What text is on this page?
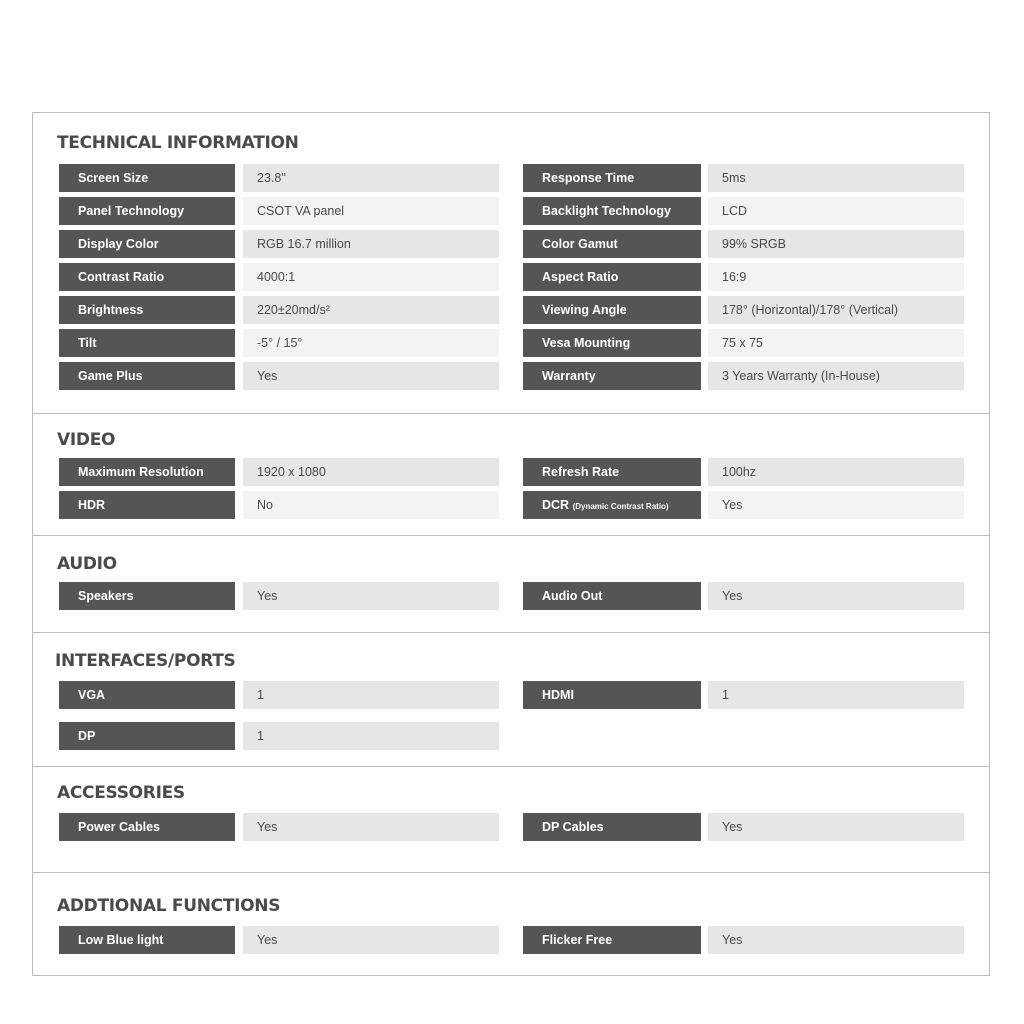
TECHNICAL INFORMATION
Screen Size	23.8"	Response Time	5ms
Panel Technology	CSOT VA panel	Backlight Technology	LCD
Display Color	RGB 16.7 million	Color Gamut	99% SRGB
Contrast Ratio	4000:1	Aspect Ratio	16:9
Brightness	220±20md/s²	Viewing Angle	178° (Horizontal)/178° (Vertical)
Tilt	-5° / 15°	Vesa Mounting	75 x 75
Game Plus	Yes	Warranty	3 Years Warranty (In-House)
VIDEO
Maximum Resolution	1920 x 1080	Refresh Rate	100hz
HDR	No	DCR (Dynamic Contrast Ratio)	Yes
AUDIO
Speakers	Yes	Audio Out	Yes
INTERFACES/PORTS
VGA	1	HDMI	1
DP	1
ACCESSORIES
Power Cables	Yes	DP Cables	Yes
ADDTIONAL FUNCTIONS
Low Blue light	Yes	Flicker Free	Yes
